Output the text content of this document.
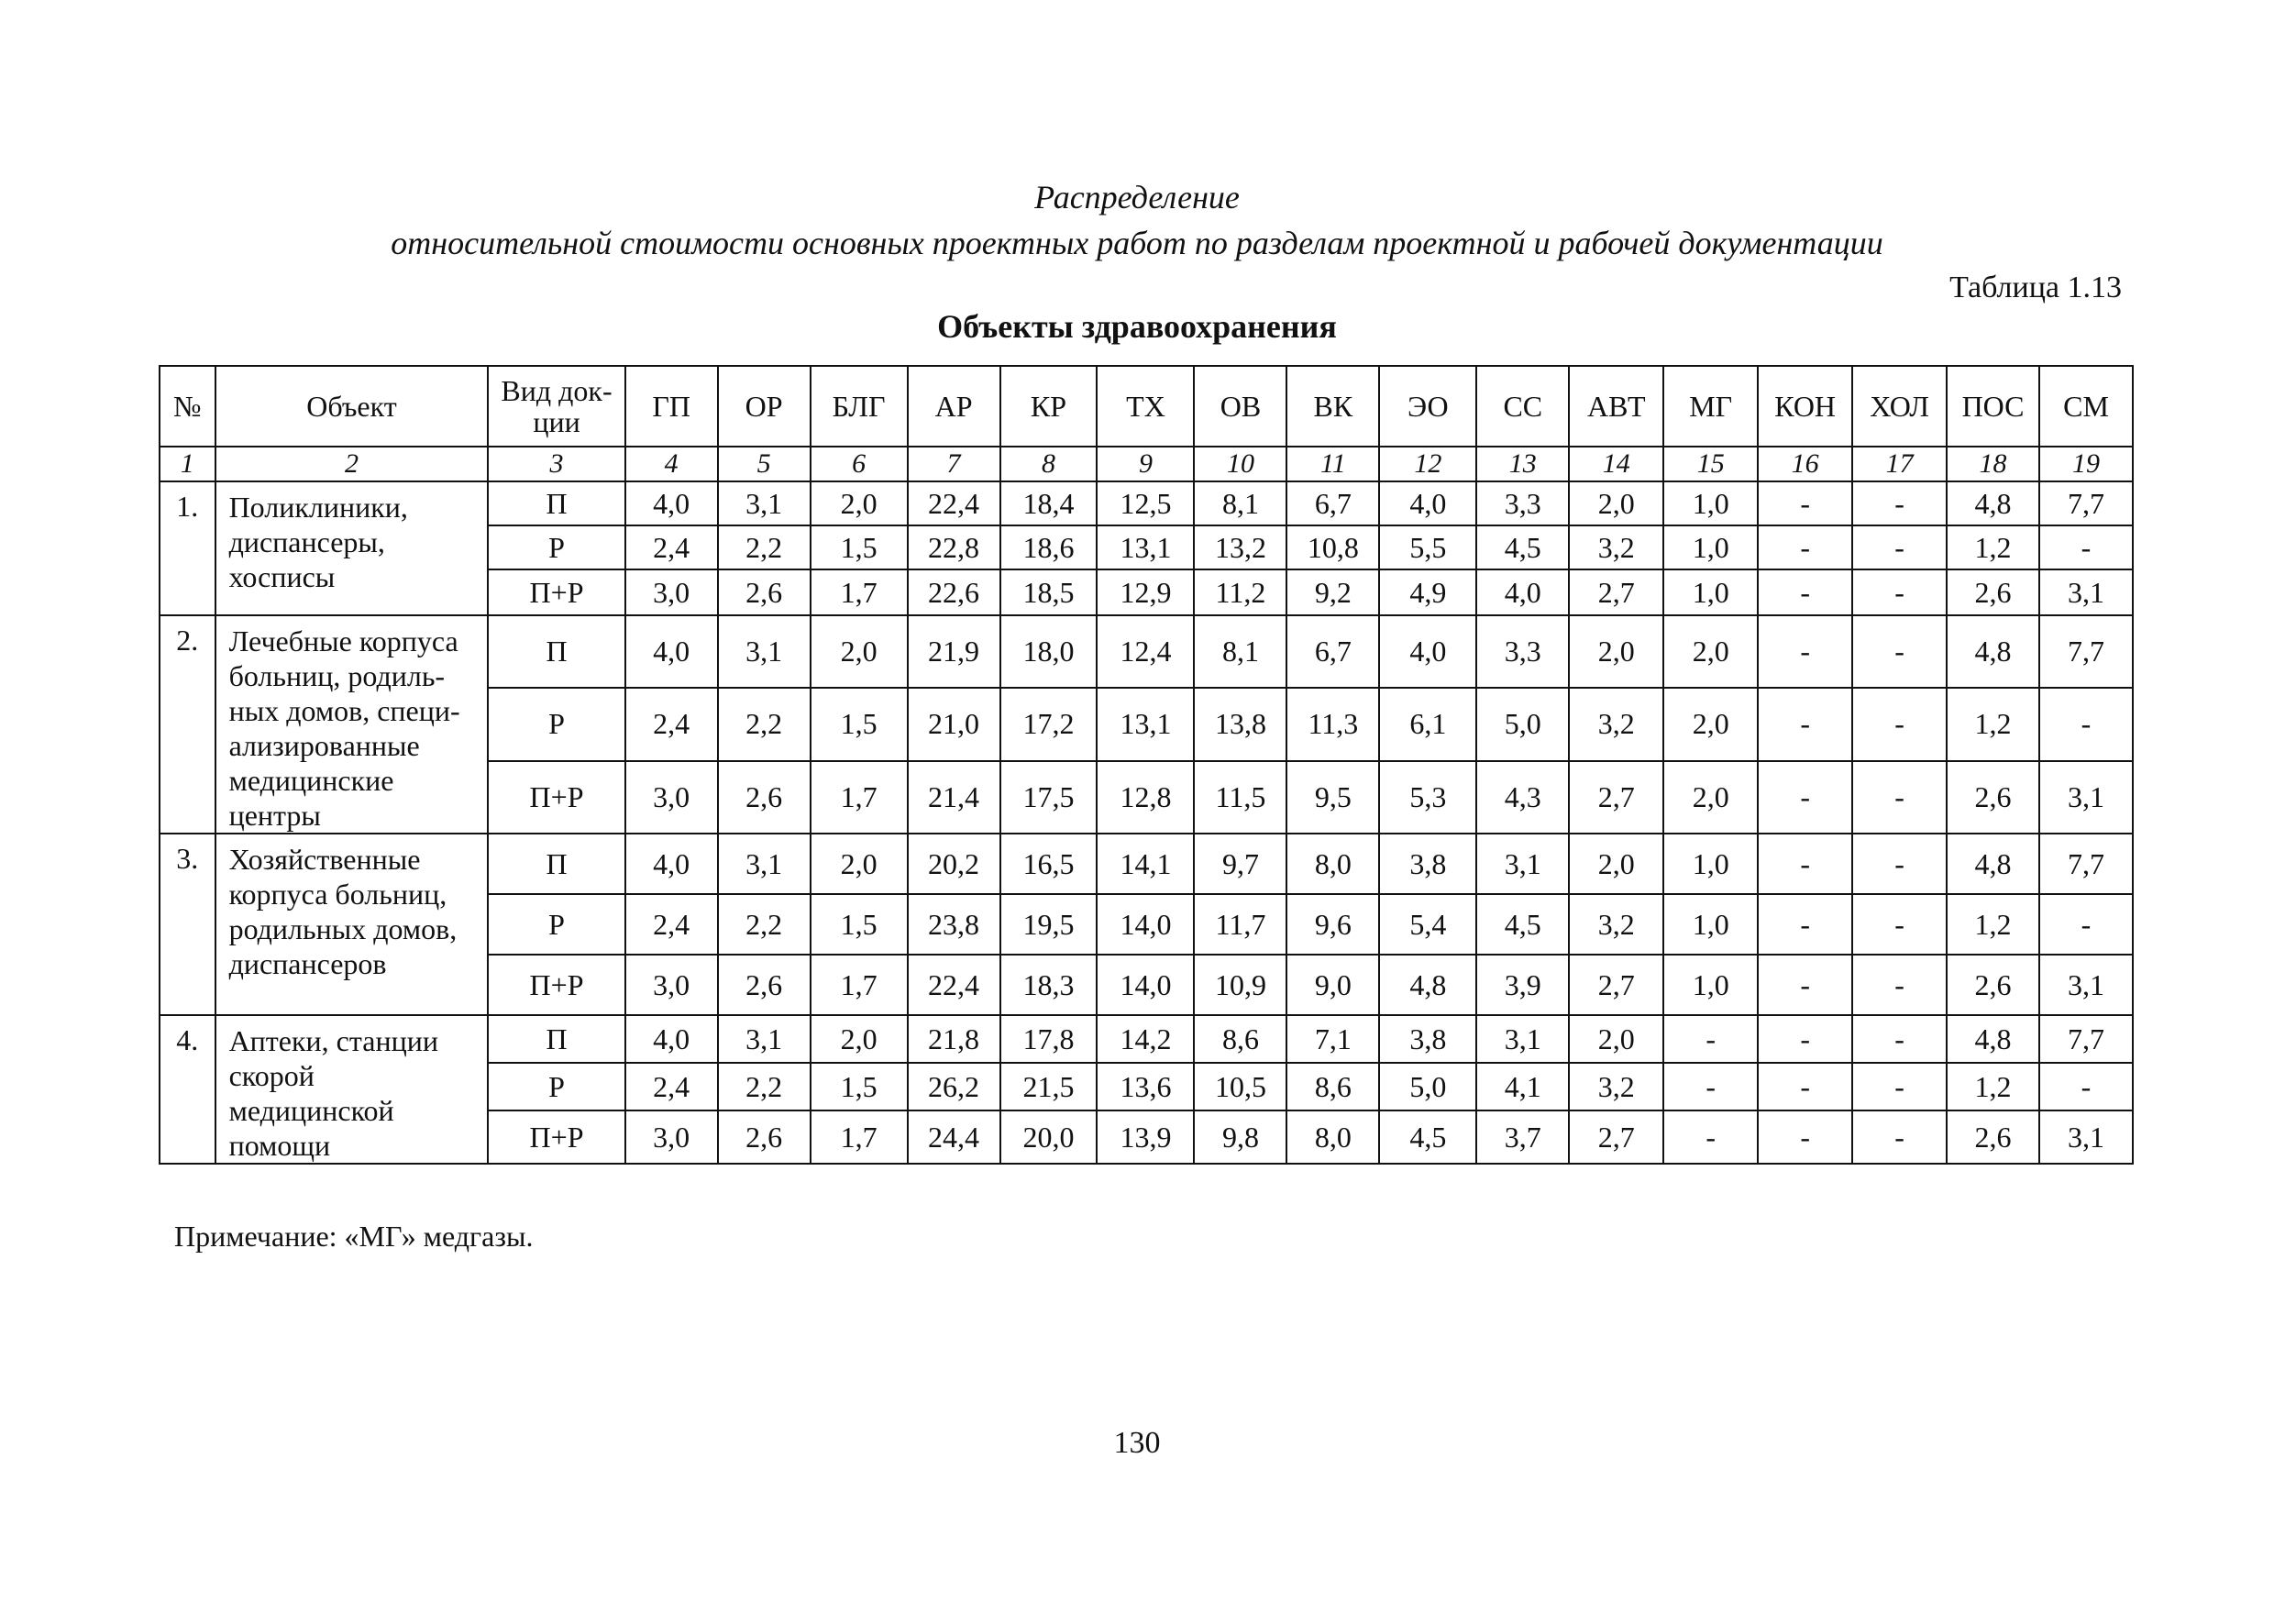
Распределение
относительной стоимости основных проектных работ по разделам проектной и рабочей документации
Таблица 1.13
Объекты здравоохранения
№	Объект	Вид док-ции	ГП	ОР	БЛГ	АР	КР	ТХ	ОВ	ВК	ЭО	СС	АВТ	МГ	КОН	ХОЛ	ПОС	СМ
1	2	3	4	5	6	7	8	9	10	11	12	13	14	15	16	17	18	19
1.	Поликлиники, диспансеры, хосписы	П	4,0	3,1	2,0	22,4	18,4	12,5	8,1	6,7	4,0	3,3	2,0	1,0	-	-	4,8	7,7
		Р	2,4	2,2	1,5	22,8	18,6	13,1	13,2	10,8	5,5	4,5	3,2	1,0	-	-	1,2	-
		П+Р	3,0	2,6	1,7	22,6	18,5	12,9	11,2	9,2	4,9	4,0	2,7	1,0	-	-	2,6	3,1
2.	Лечебные корпуса больниц, родиль-ных домов, специ-ализированные медицинские центры	П	4,0	3,1	2,0	21,9	18,0	12,4	8,1	6,7	4,0	3,3	2,0	2,0	-	-	4,8	7,7
		Р	2,4	2,2	1,5	21,0	17,2	13,1	13,8	11,3	6,1	5,0	3,2	2,0	-	-	1,2	-
		П+Р	3,0	2,6	1,7	21,4	17,5	12,8	11,5	9,5	5,3	4,3	2,7	2,0	-	-	2,6	3,1
3.	Хозяйственные корпуса больниц, родильных домов, диспансеров	П	4,0	3,1	2,0	20,2	16,5	14,1	9,7	8,0	3,8	3,1	2,0	1,0	-	-	4,8	7,7
		Р	2,4	2,2	1,5	23,8	19,5	14,0	11,7	9,6	5,4	4,5	3,2	1,0	-	-	1,2	-
		П+Р	3,0	2,6	1,7	22,4	18,3	14,0	10,9	9,0	4,8	3,9	2,7	1,0	-	-	2,6	3,1
4.	Аптеки, станции скорой медицинской помощи	П	4,0	3,1	2,0	21,8	17,8	14,2	8,6	7,1	3,8	3,1	2,0	-	-	-	4,8	7,7
		Р	2,4	2,2	1,5	26,2	21,5	13,6	10,5	8,6	5,0	4,1	3,2	-	-	-	1,2	-
		П+Р	3,0	2,6	1,7	24,4	20,0	13,9	9,8	8,0	4,5	3,7	2,7	-	-	-	2,6	3,1
Примечание: «МГ» медгазы.
130
